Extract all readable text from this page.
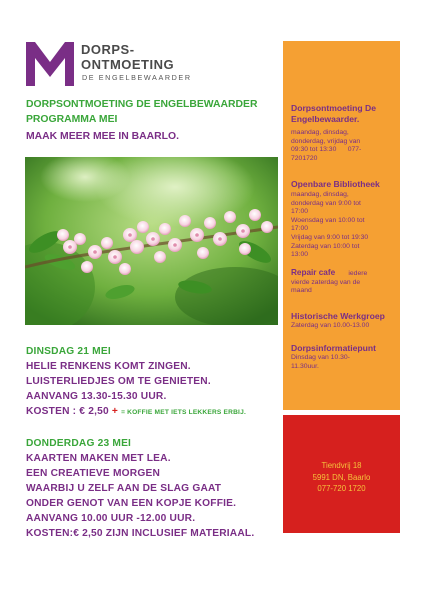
DORPS-
ONTMOETING
DE ENGELBEWAARDER
DORPSONTMOETING DE ENGELBEWAARDER
PROGRAMMA MEI
MAAK MEER MEE IN BAARLO.
Dorpsontmoeting De Engelbewaarder.
maandag, dinsdag,
donderdag, vrijdag van
09:30 tot 13:30 077-
7201720
Openbare Bibliotheek
maandag, dinsdag,
donderdag van 9:00 tot
17:00
Woensdag van 10:00 tot
17:00
Vrijdag van 9:00 tot 19:30
Zaterdag van 10:00 tot
13:00
Repair cafe iedere
vierde zaterdag van de
maand
Historische Werkgroep
Zaterdag van 10.00-13.00
Dorpsinformatiepunt
Dinsdag van 10.30-
11.30uur.
Tiendvrij 18
5991 DN, Baarlo
077-720 1720
DINSDAG 21 MEI
HELIE RENKENS KOMT ZINGEN.
LUISTERLIEDJES OM TE GENIETEN.
AANVANG 13.30-15.30 UUR.
KOSTEN : € 2,50 + = KOFFIE MET IETS LEKKERS ERBIJ.
DONDERDAG 23 MEI
KAARTEN MAKEN MET LEA.
EEN CREATIEVE MORGEN
WAARBIJ U ZELF AAN DE SLAG GAAT
ONDER GENOT VAN EEN KOPJE KOFFIE.
AANVANG 10.00 UUR -12.00 UUR.
KOSTEN:€ 2,50 ZIJN INCLUSIEF MATERIAAL.
